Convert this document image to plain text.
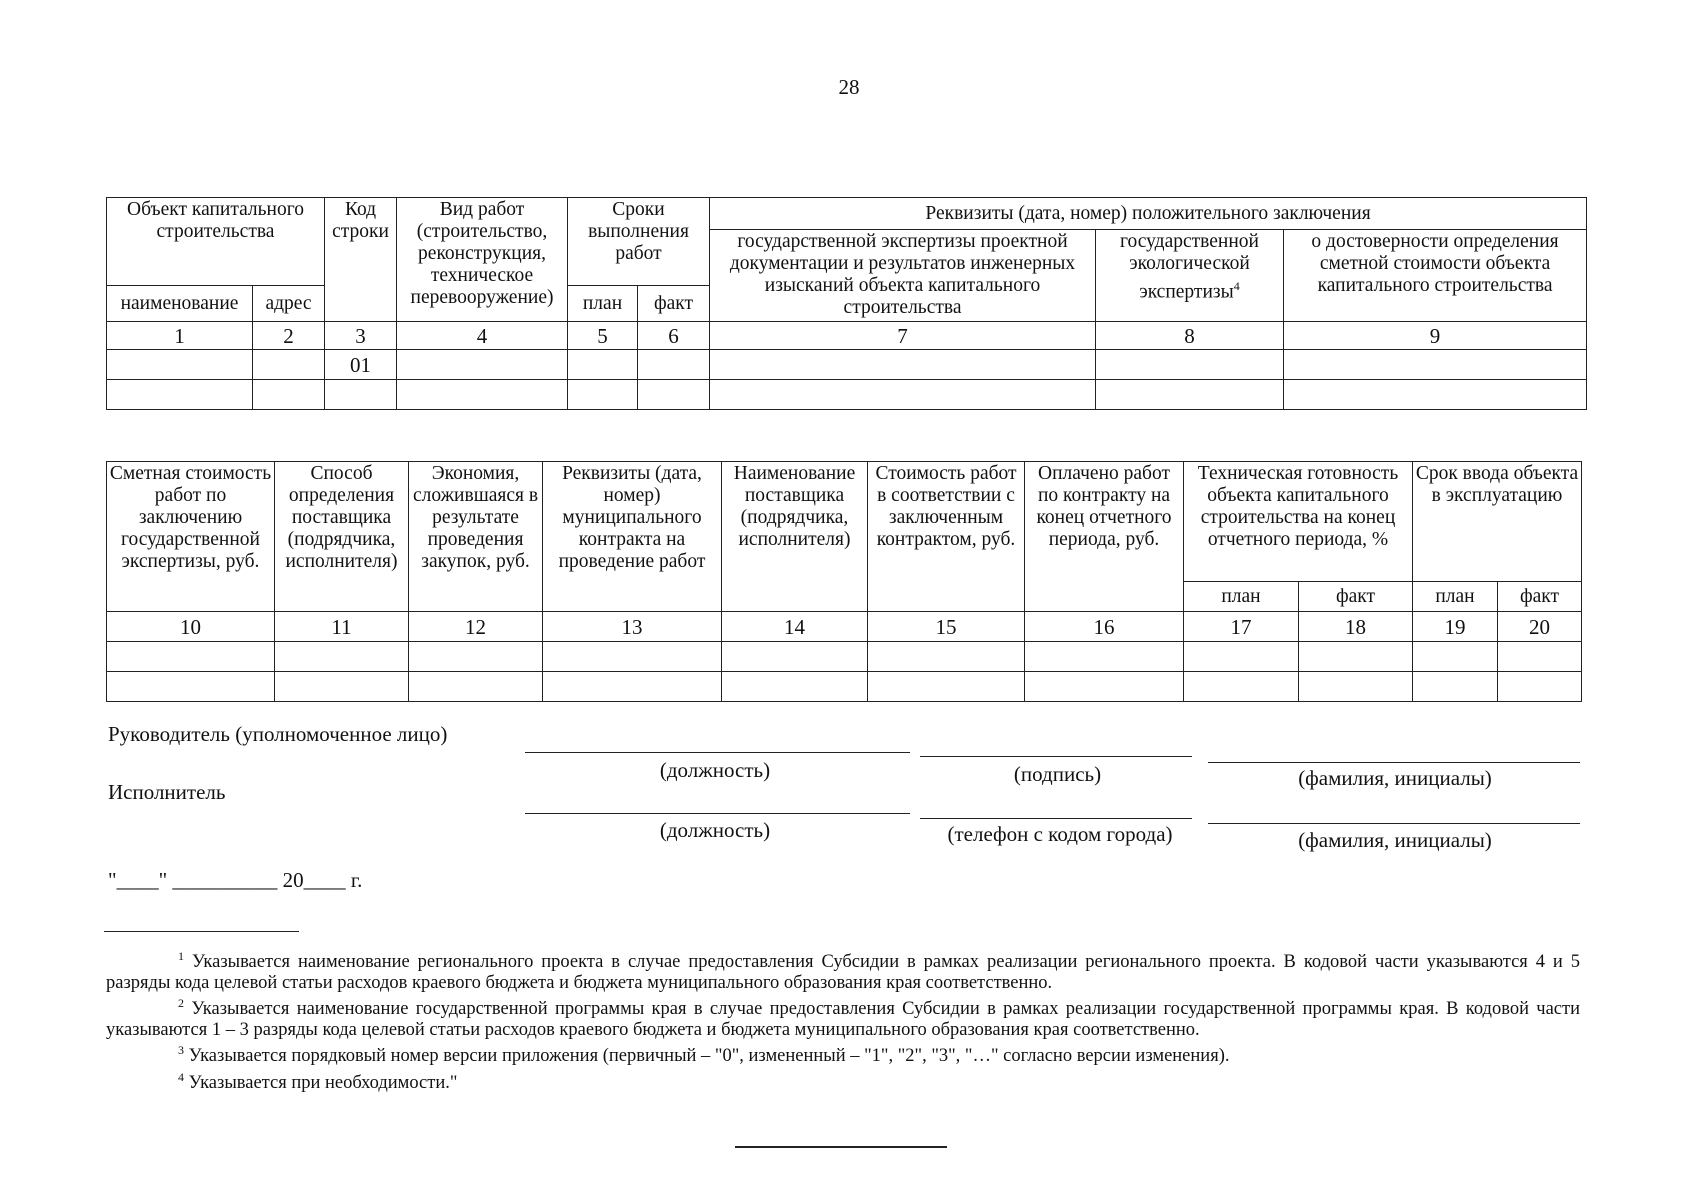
28
Объект капитального строительства		Код строки	Вид работ (строительство, реконструкция, техническое перевооружение)	Сроки выполнения работ		Реквизиты (дата, номер) положительного заключения		
						государственной экспертизы проектной документации и результатов инженерных изысканий объекта капитального строительства	государственной экологической экспертизы$^4$	о достоверности определения сметной стоимости объекта капитального строительства
наименование	адрес			план	факт			
1	2	3	4	5	6	7	8	9
		01						

Сметная стоимость работ по заключению государственной экспертизы, руб.	Способ определения поставщика (подрядчика, исполнителя)	Экономия, сложившаяся в результате проведения закупок, руб.	Реквизиты (дата, номер) муниципального контракта на проведение работ	Наименование поставщика (подрядчика, исполнителя)	Стоимость работ в соответствии с заключенным контрактом, руб.	Оплачено работ по контракту на конец отчетного периода, руб.	Техническая готовность объекта капитального строительства на конец отчетного периода, %		Срок ввода объекта в эксплуатацию	
							план	факт	план	факт
10	11	12	13	14	15	16	17	18	19	20

Руководитель (уполномоченное лицо)
(должность)	(подпись)	(фамилия, инициалы)
Исполнитель
(должность)	(телефон с кодом города)	(фамилия, инициалы)
"____" __________ 20____ г.

$^1$ Указывается наименование регионального проекта в случае предоставления Субсидии в рамках реализации регионального проекта. В кодовой части указываются 4 и 5 разряды кода целевой статьи расходов краевого бюджета и бюджета муниципального образования края соответственно.

$^2$ Указывается наименование государственной программы края в случае предоставления Субсидии в рамках реализации государственной программы края. В кодовой части указываются 1 – 3 разряды кода целевой статьи расходов краевого бюджета и бюджета муниципального образования края соответственно.

$^3$ Указывается порядковый номер версии приложения (первичный – "0", измененный – "1", "2", "3", "…" согласно версии изменения).

$^4$ Указывается при необходимости."
